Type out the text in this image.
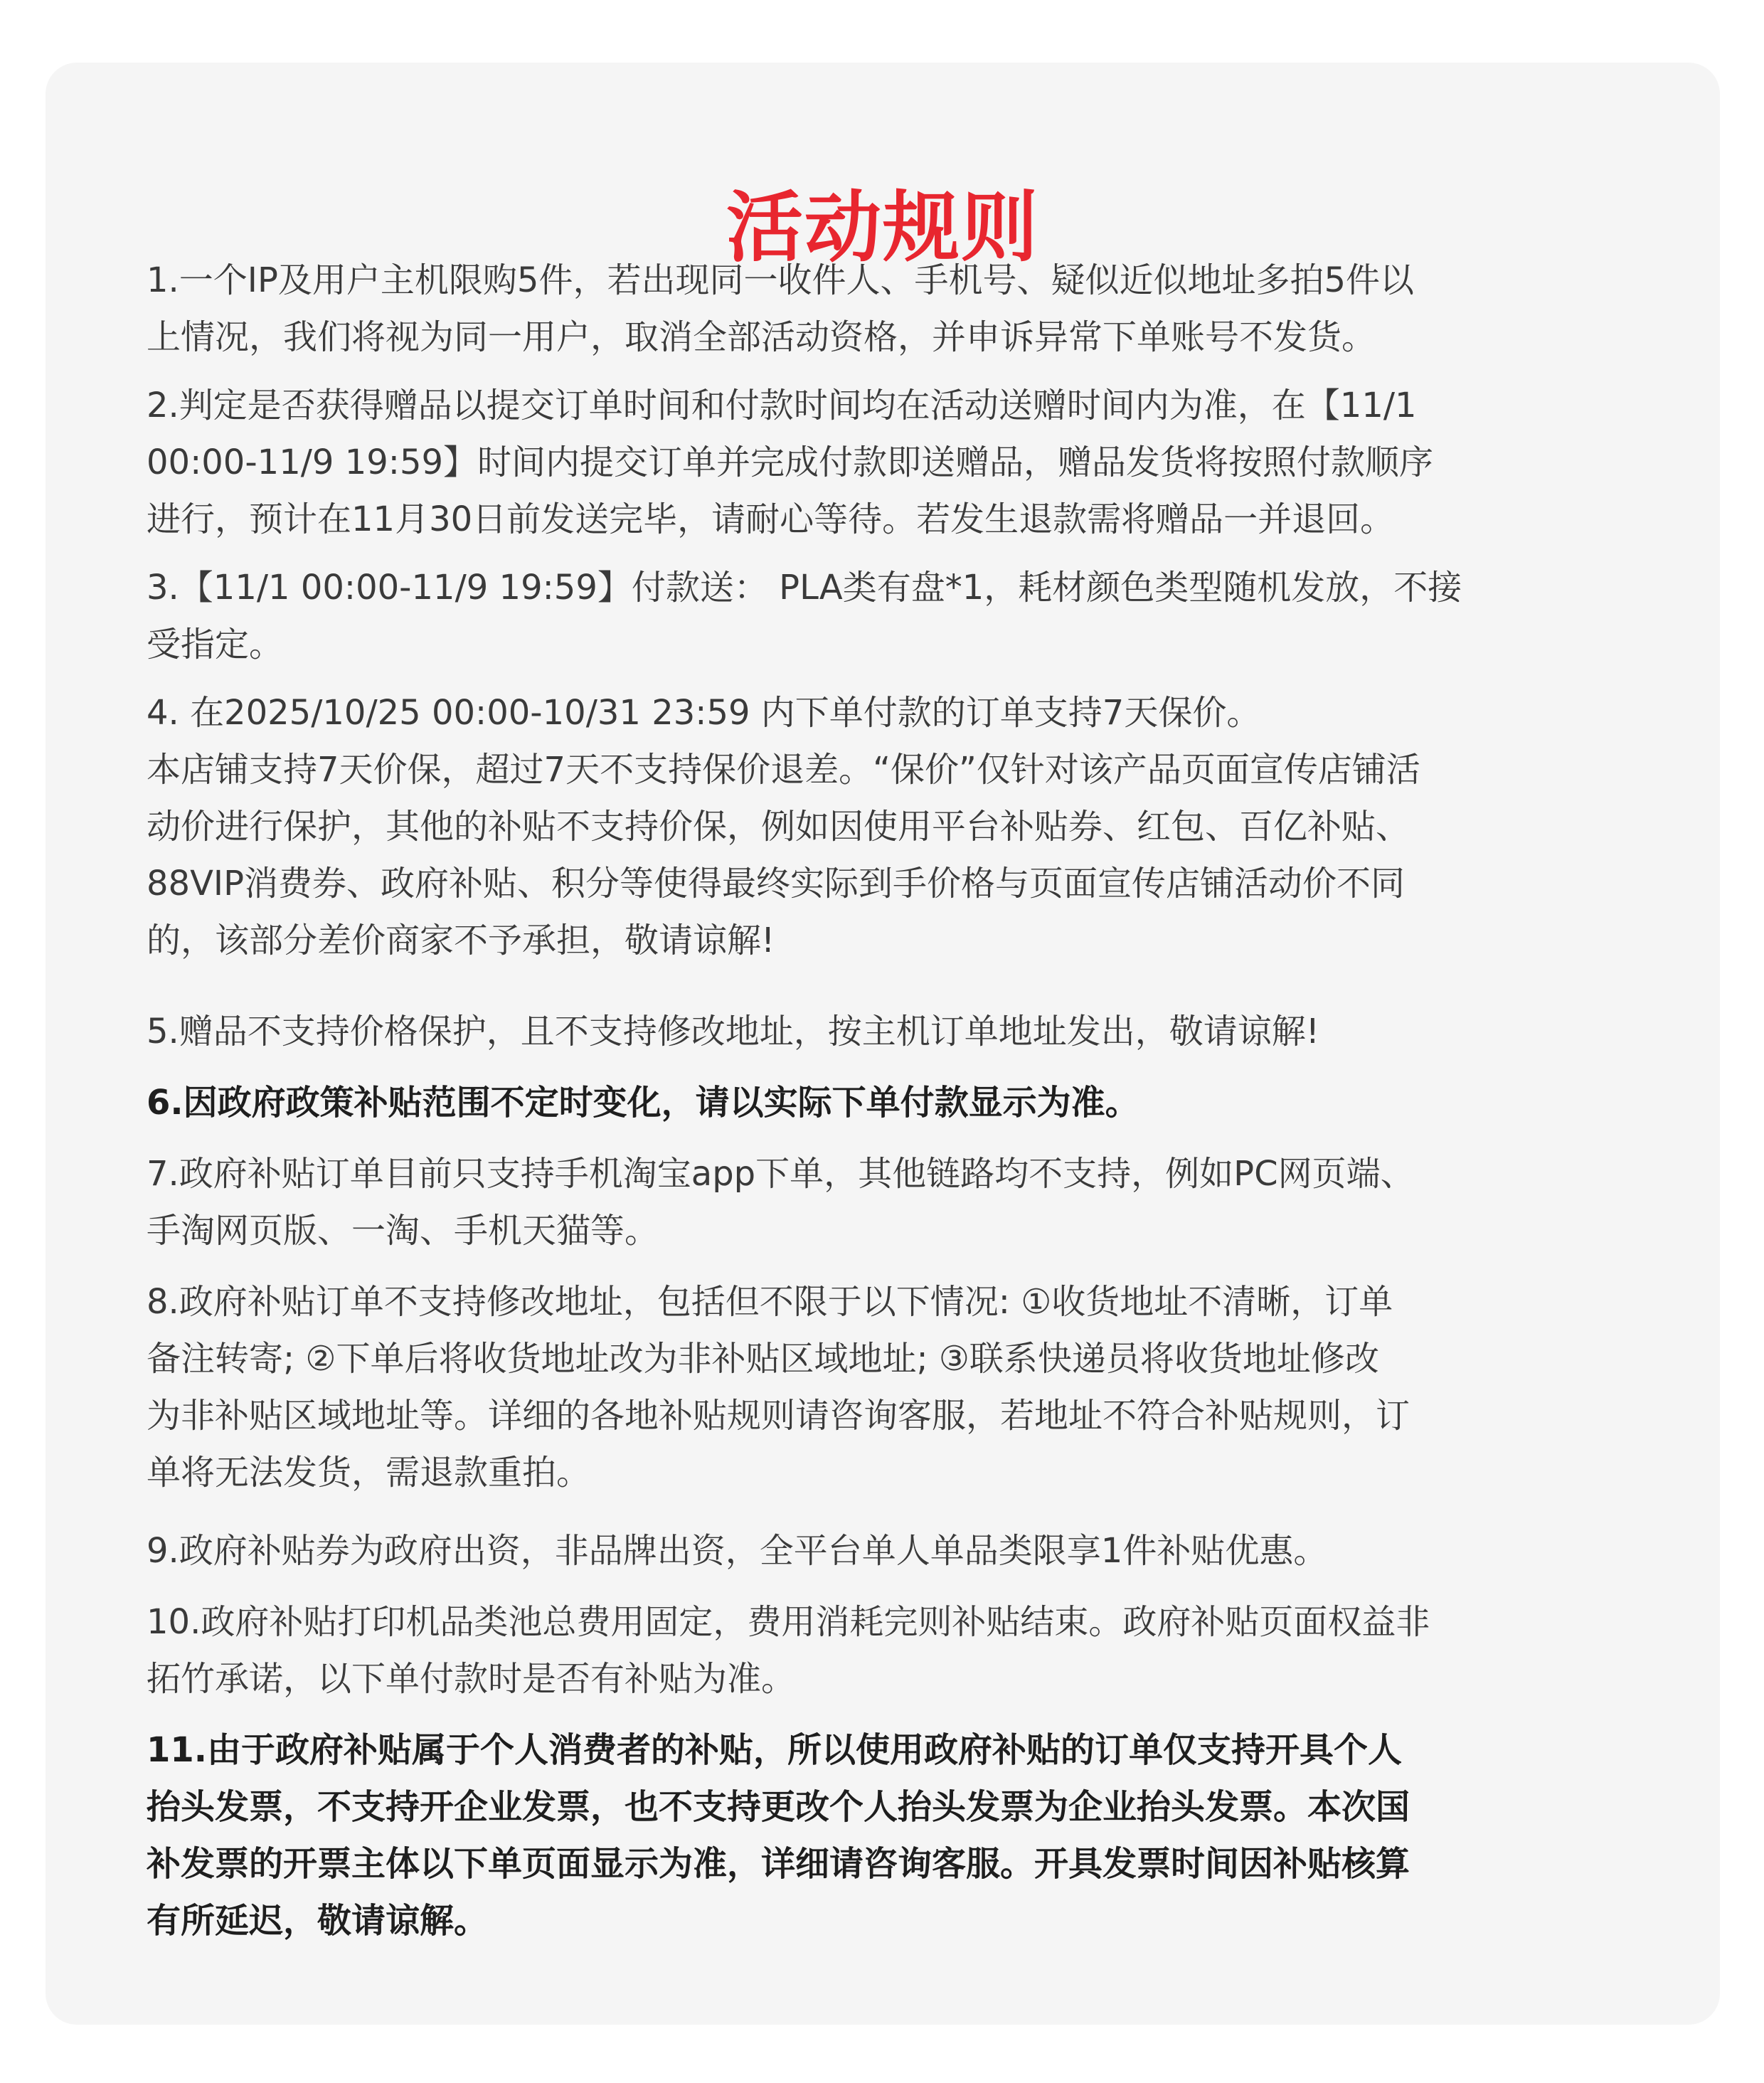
活动规则

1.一个IP及用户主机限购5件，若出现同一收件人、手机号、疑似近似地址多拍5件以
上情况，我们将视为同一用户，取消全部活动资格，并申诉异常下单账号不发货。

2.判定是否获得赠品以提交订单时间和付款时间均在活动送赠时间内为准，在【11/1
00:00-11/9 19:59】时间内提交订单并完成付款即送赠品，赠品发货将按照付款顺序
进行，预计在11月30日前发送完毕，请耐心等待。若发生退款需将赠品一并退回。

3.【11/1 00:00-11/9 19:59】付款送： PLA类有盘*1，耗材颜色类型随机发放，不接
受指定。

4. 在2025/10/25 00:00-10/31 23:59 内下单付款的订单支持7天保价。
本店铺支持7天价保，超过7天不支持保价退差。“保价”仅针对该产品页面宣传店铺活
动价进行保护，其他的补贴不支持价保，例如因使用平台补贴券、红包、百亿补贴、
88VIP消费券、政府补贴、积分等使得最终实际到手价格与页面宣传店铺活动价不同
的，该部分差价商家不予承担，敬请谅解!

5.赠品不支持价格保护，且不支持修改地址，按主机订单地址发出，敬请谅解!

6.因政府政策补贴范围不定时变化，请以实际下单付款显示为准。

7.政府补贴订单目前只支持手机淘宝app下单，其他链路均不支持，例如PC网页端、
手淘网页版、一淘、手机天猫等。

8.政府补贴订单不支持修改地址，包括但不限于以下情况: ①收货地址不清晰，订单
备注转寄; ②下单后将收货地址改为非补贴区域地址; ③联系快递员将收货地址修改
为非补贴区域地址等。详细的各地补贴规则请咨询客服，若地址不符合补贴规则，订
单将无法发货，需退款重拍。

9.政府补贴券为政府出资，非品牌出资，全平台单人单品类限享1件补贴优惠。

10.政府补贴打印机品类池总费用固定，费用消耗完则补贴结束。政府补贴页面权益非
拓竹承诺，以下单付款时是否有补贴为准。

11.由于政府补贴属于个人消费者的补贴，所以使用政府补贴的订单仅支持开具个人
抬头发票，不支持开企业发票，也不支持更改个人抬头发票为企业抬头发票。本次国
补发票的开票主体以下单页面显示为准，详细请咨询客服。开具发票时间因补贴核算
有所延迟，敬请谅解。
